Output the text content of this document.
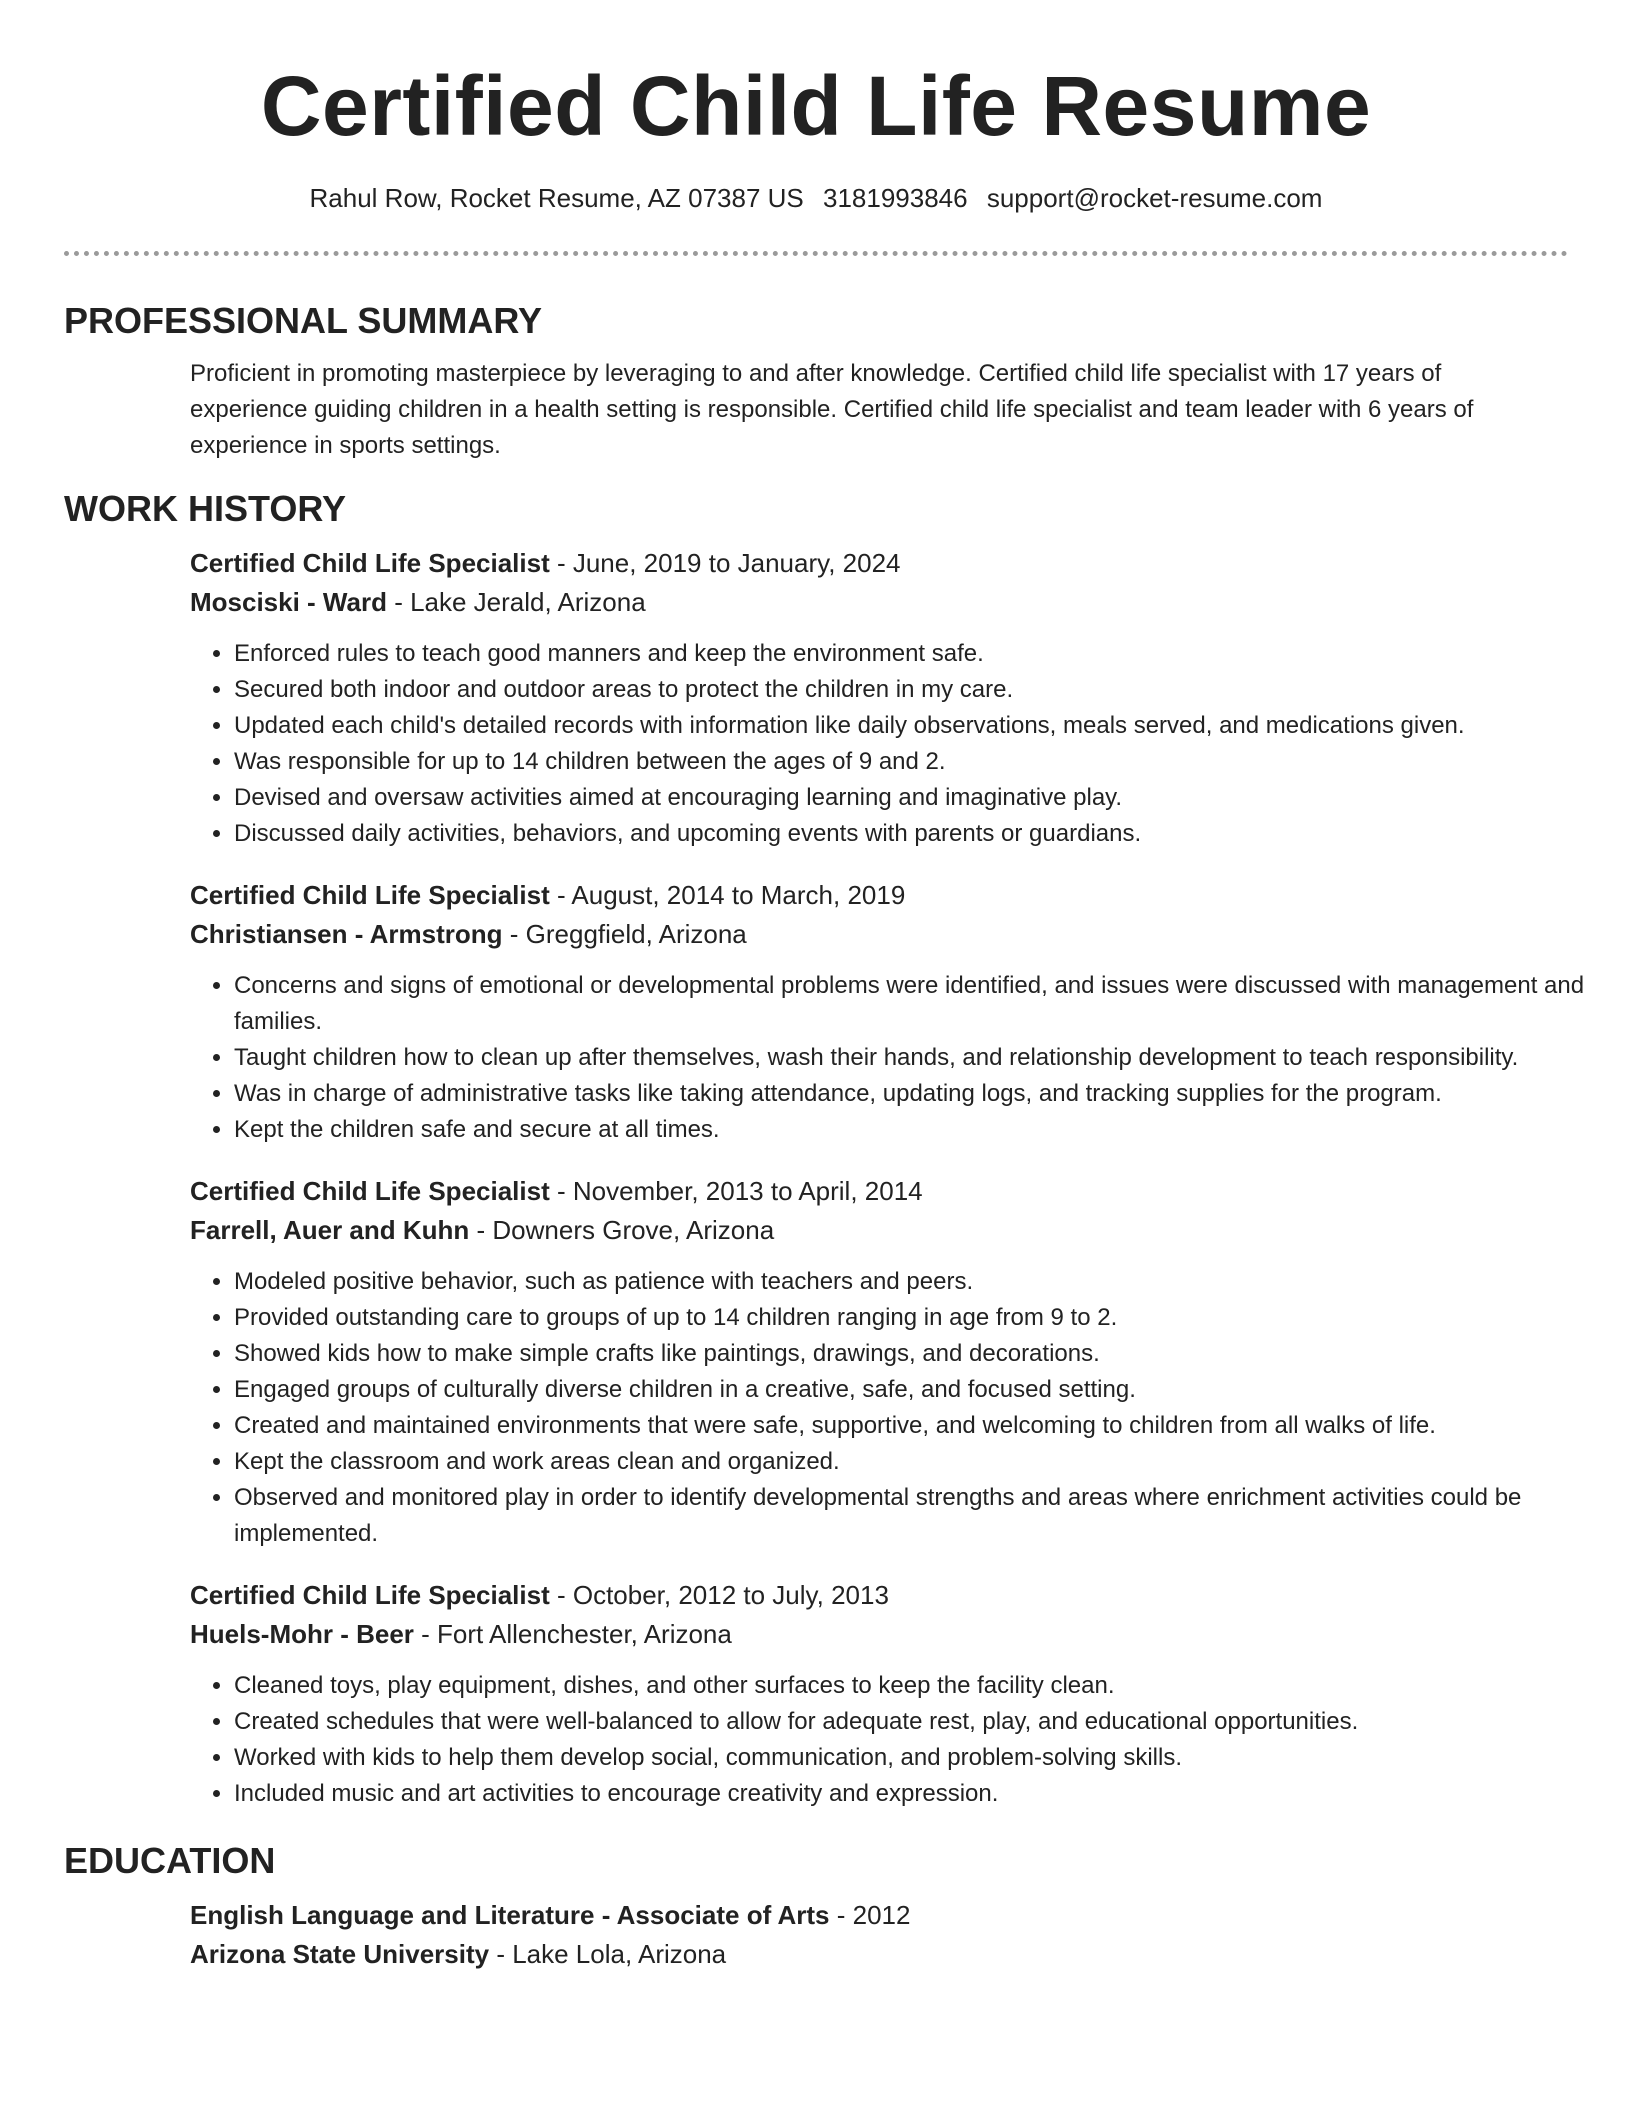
Certified Child Life Resume
Rahul Row, Rocket Resume, AZ 07387 US 3181993846 support@rocket-resume.com
PROFESSIONAL SUMMARY
Proficient in promoting masterpiece by leveraging to and after knowledge. Certified child life specialist with 17 years of experience guiding children in a health setting is responsible. Certified child life specialist and team leader with 6 years of experience in sports settings.
WORK HISTORY
Certified Child Life Specialist - June, 2019 to January, 2024
Mosciski - Ward - Lake Jerald, Arizona
• Enforced rules to teach good manners and keep the environment safe.
• Secured both indoor and outdoor areas to protect the children in my care.
• Updated each child's detailed records with information like daily observations, meals served, and medications given.
• Was responsible for up to 14 children between the ages of 9 and 2.
• Devised and oversaw activities aimed at encouraging learning and imaginative play.
• Discussed daily activities, behaviors, and upcoming events with parents or guardians.
Certified Child Life Specialist - August, 2014 to March, 2019
Christiansen - Armstrong - Greggfield, Arizona
• Concerns and signs of emotional or developmental problems were identified, and issues were discussed with management and families.
• Taught children how to clean up after themselves, wash their hands, and relationship development to teach responsibility.
• Was in charge of administrative tasks like taking attendance, updating logs, and tracking supplies for the program.
• Kept the children safe and secure at all times.
Certified Child Life Specialist - November, 2013 to April, 2014
Farrell, Auer and Kuhn - Downers Grove, Arizona
• Modeled positive behavior, such as patience with teachers and peers.
• Provided outstanding care to groups of up to 14 children ranging in age from 9 to 2.
• Showed kids how to make simple crafts like paintings, drawings, and decorations.
• Engaged groups of culturally diverse children in a creative, safe, and focused setting.
• Created and maintained environments that were safe, supportive, and welcoming to children from all walks of life.
• Kept the classroom and work areas clean and organized.
• Observed and monitored play in order to identify developmental strengths and areas where enrichment activities could be implemented.
Certified Child Life Specialist - October, 2012 to July, 2013
Huels-Mohr - Beer - Fort Allenchester, Arizona
• Cleaned toys, play equipment, dishes, and other surfaces to keep the facility clean.
• Created schedules that were well-balanced to allow for adequate rest, play, and educational opportunities.
• Worked with kids to help them develop social, communication, and problem-solving skills.
• Included music and art activities to encourage creativity and expression.
EDUCATION
English Language and Literature - Associate of Arts - 2012
Arizona State University - Lake Lola, Arizona
